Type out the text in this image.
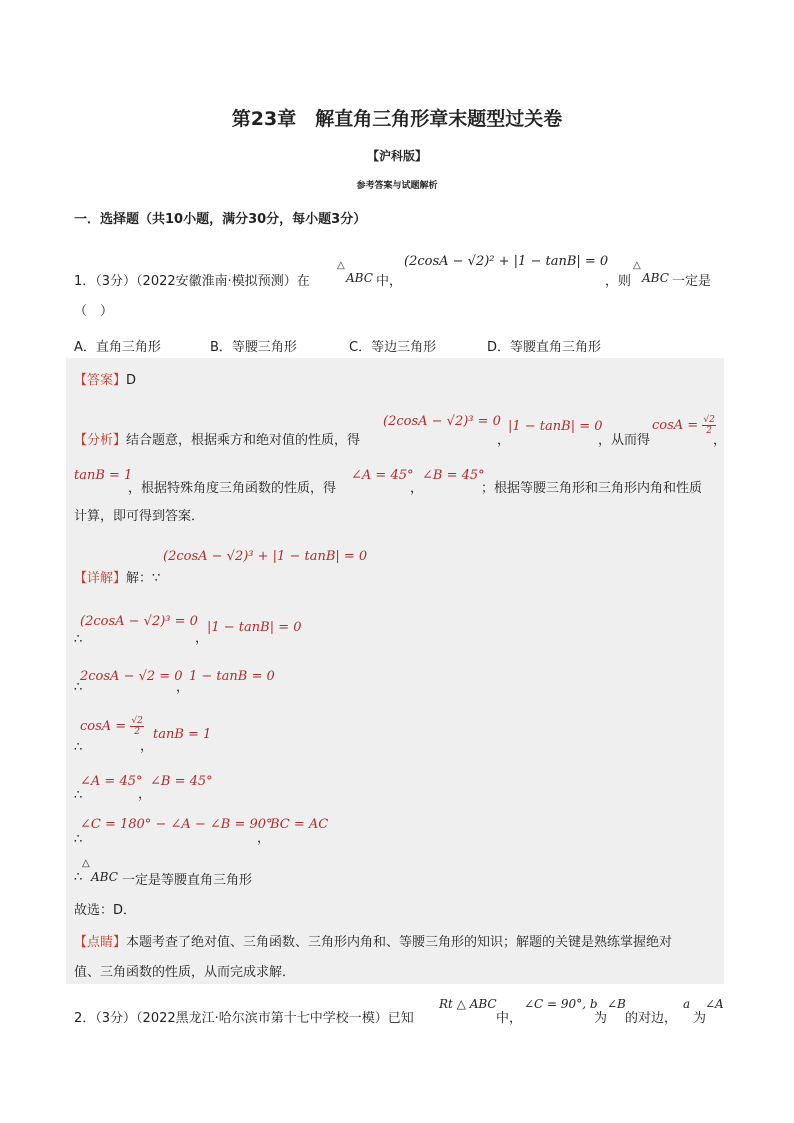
第23章　解直角三角形章末题型过关卷
【沪科版】
参考答案与试题解析
一．选择题（共10小题，满分30分，每小题3分）
1．（3分）（2022安徽淮南·模拟预测）在
△
ABC 中，
(2cosA − √2)² + |1 − tanB| = 0
，则
△
ABC 一定是
（　）
A．直角三角形	B．等腰三角形	C．等边三角形	D．等腰直角三角形
【答案】D
【分析】结合题意，根据乘方和绝对值的性质，得
(2cosA − √2)³ = 0
，
|1 − tanB| = 0
，从而得
$\cos A = \frac{√2}{2}$
，
tanB = 1
，根据特殊角度三角函数的性质，得
∠A = 45°
，
∠B = 45°
；根据等腰三角形和三角形内角和性质
计算，即可得到答案．
【详解】解：∵
(2cosA − √2)³ + |1 − tanB| = 0
∴
(2cosA − √2)³ = 0
，
|1 − tanB| = 0
∴
2cosA − √2 = 0
，
1 − tanB = 0
∴
$\cos A = \frac{√2}{2}$
，
tanB = 1
∴
∠A = 45°
，
∠B = 45°
∴
∠C = 180° − ∠A − ∠B = 90°
，
BC = AC
∴
△
ABC 一定是等腰直角三角形
故选：D．
【点睛】本题考查了绝对值、三角函数、三角形内角和、等腰三角形的知识；解题的关键是熟练掌握绝对
值、三角函数的性质，从而完成求解．
2．（3分）（2022黑龙江·哈尔滨市第十七中学校一模）已知
Rt △ ABC
中，
∠C = 90°, b
为
∠B
的对边，
a ∠A
为
